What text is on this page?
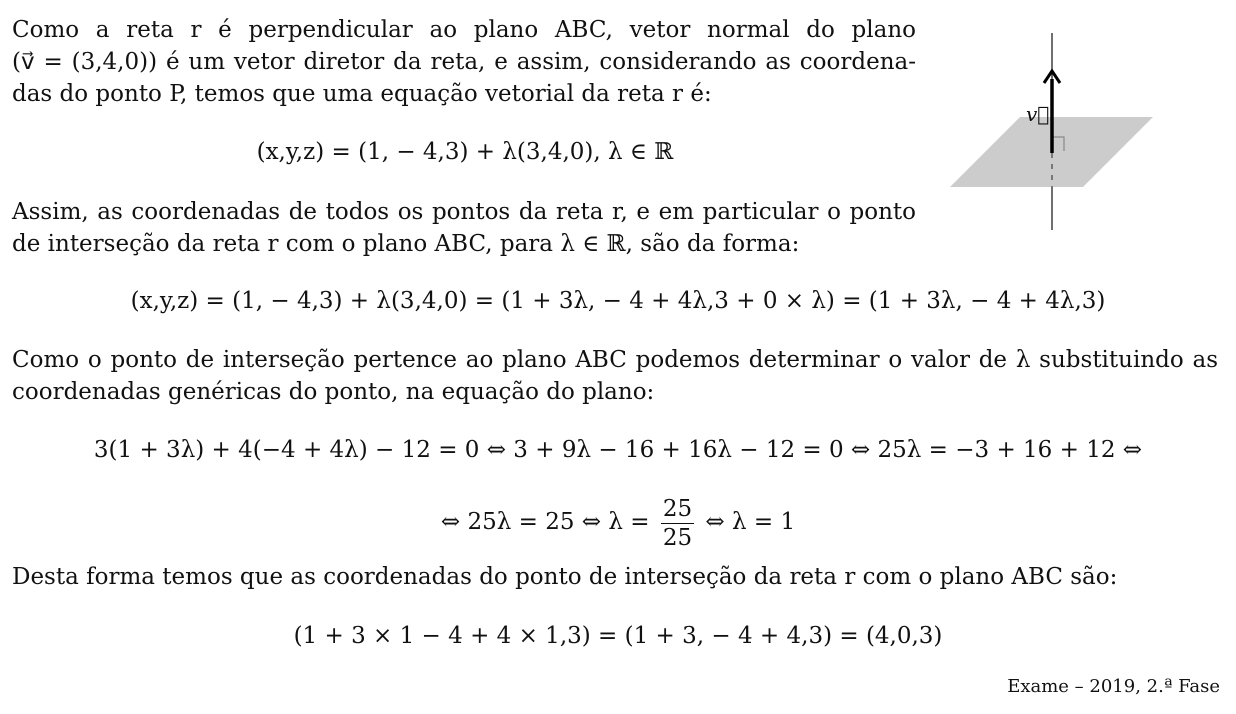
Como a reta r é perpendicular ao plano ABC, vetor normal do plano
(v⃗ = (3,4,0)) é um vetor diretor da reta, e assim, considerando as coordena-
das do ponto P, temos que uma equação vetorial da reta r é:
(x,y,z) = (1, − 4,3) + λ(3,4,0), λ ∈ ℝ
Assim, as coordenadas de todos os pontos da reta r, e em particular o ponto
de interseção da reta r com o plano ABC, para λ ∈ ℝ, são da forma:
(x,y,z) = (1, − 4,3) + λ(3,4,0) = (1 + 3λ, − 4 + 4λ,3 + 0 × λ) = (1 + 3λ, − 4 + 4λ,3)
Como o ponto de interseção pertence ao plano ABC podemos determinar o valor de λ substituindo as
coordenadas genéricas do ponto, na equação do plano:
3(1 + 3λ) + 4(−4 + 4λ) − 12 = 0 ⇔ 3 + 9λ − 16 + 16λ − 12 = 0 ⇔ 25λ = −3 + 16 + 12 ⇔
⇔ 25λ = 25 ⇔ $\lambda = \frac{25}{25}$ ⇔ λ = 1
Desta forma temos que as coordenadas do ponto de interseção da reta r com o plano ABC são:
(1 + 3 × 1 − 4 + 4 × 1,3) = (1 + 3, − 4 + 4,3) = (4,0,3)
Exame – 2019, 2.ª Fase
v⃗
